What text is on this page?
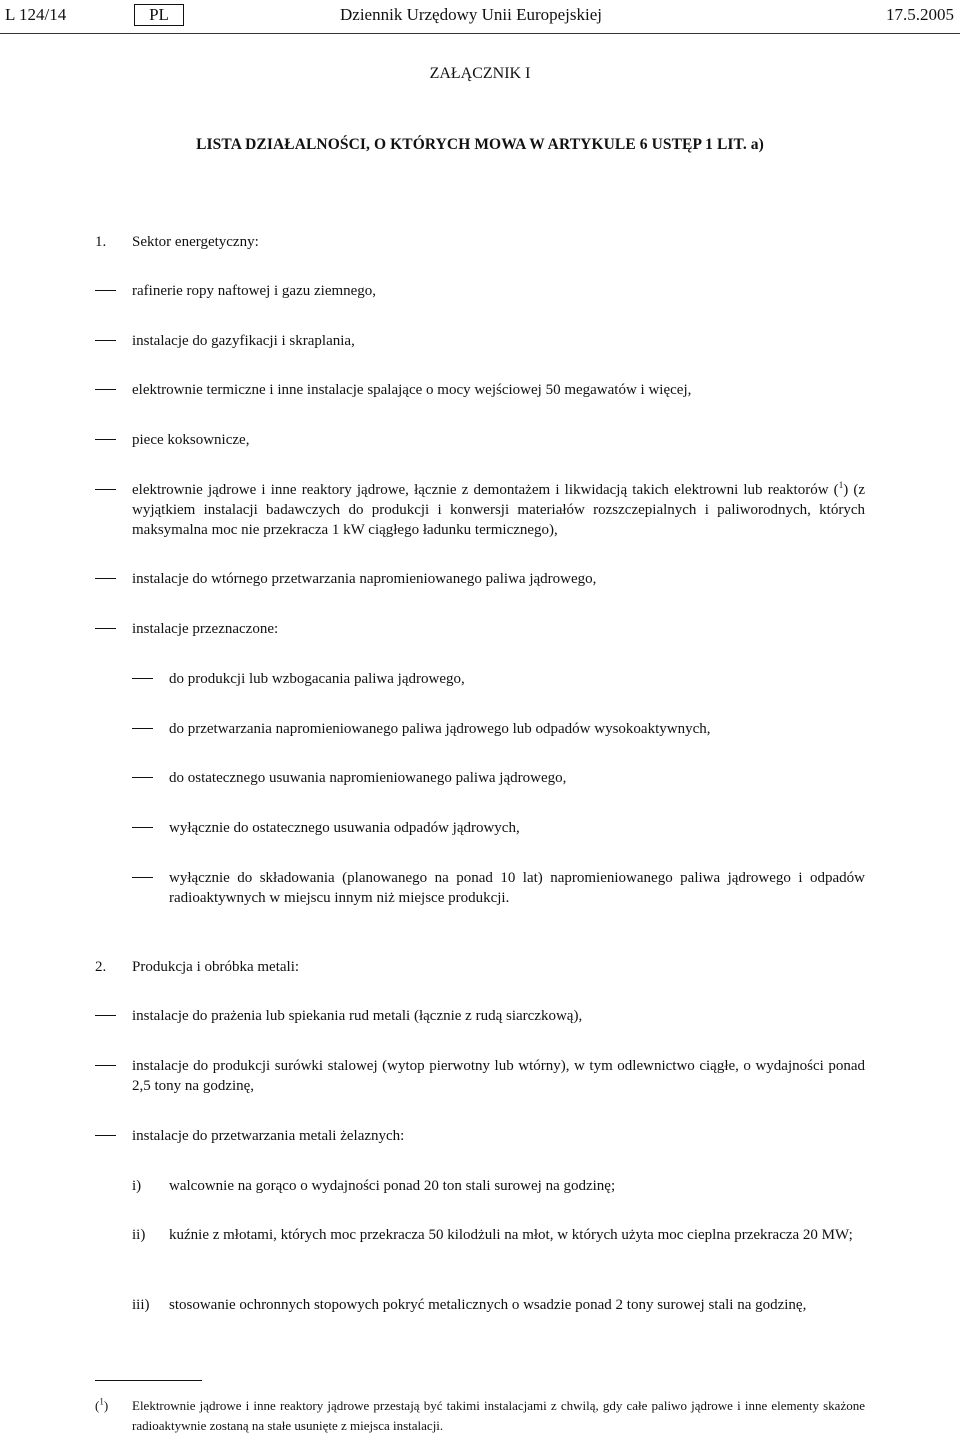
L 124/14	PL	Dziennik Urzędowy Unii Europejskiej	17.5.2005
ZAŁĄCZNIK I
LISTA DZIAŁALNOŚCI, O KTÓRYCH MOWA W ARTYKULE 6 USTĘP 1 LIT. a)
1. Sektor energetyczny:
rafinerie ropy naftowej i gazu ziemnego,
instalacje do gazyfikacji i skraplania,
elektrownie termiczne i inne instalacje spalające o mocy wejściowej 50 megawatów i więcej,
piece koksownicze,
elektrownie jądrowe i inne reaktory jądrowe, łącznie z demontażem i likwidacją takich elektrowni lub reaktorów ($^1$) (z wyjątkiem instalacji badawczych do produkcji i konwersji materiałów rozszczepialnych i paliworodnych, których maksymalna moc nie przekracza 1 kW ciągłego ładunku termicznego),
instalacje do wtórnego przetwarzania napromieniowanego paliwa jądrowego,
instalacje przeznaczone:
do produkcji lub wzbogacania paliwa jądrowego,
do przetwarzania napromieniowanego paliwa jądrowego lub odpadów wysokoaktywnych,
do ostatecznego usuwania napromieniowanego paliwa jądrowego,
wyłącznie do ostatecznego usuwania odpadów jądrowych,
wyłącznie do składowania (planowanego na ponad 10 lat) napromieniowanego paliwa jądrowego i odpadów radioaktywnych w miejscu innym niż miejsce produkcji.
2. Produkcja i obróbka metali:
instalacje do prażenia lub spiekania rud metali (łącznie z rudą siarczkową),
instalacje do produkcji surówki stalowej (wytop pierwotny lub wtórny), w tym odlewnictwo ciągłe, o wydajności ponad 2,5 tony na godzinę,
instalacje do przetwarzania metali żelaznych:
i) walcownie na gorąco o wydajności ponad 20 ton stali surowej na godzinę;
ii) kuźnie z młotami, których moc przekracza 50 kilodżuli na młot, w których użyta moc cieplna przekracza 20 MW;
iii) stosowanie ochronnych stopowych pokryć metalicznych o wsadzie ponad 2 tony surowej stali na godzinę,
($^1$) Elektrownie jądrowe i inne reaktory jądrowe przestają być takimi instalacjami z chwilą, gdy całe paliwo jądrowe i inne elementy skażone radioaktywnie zostaną na stałe usunięte z miejsca instalacji.
